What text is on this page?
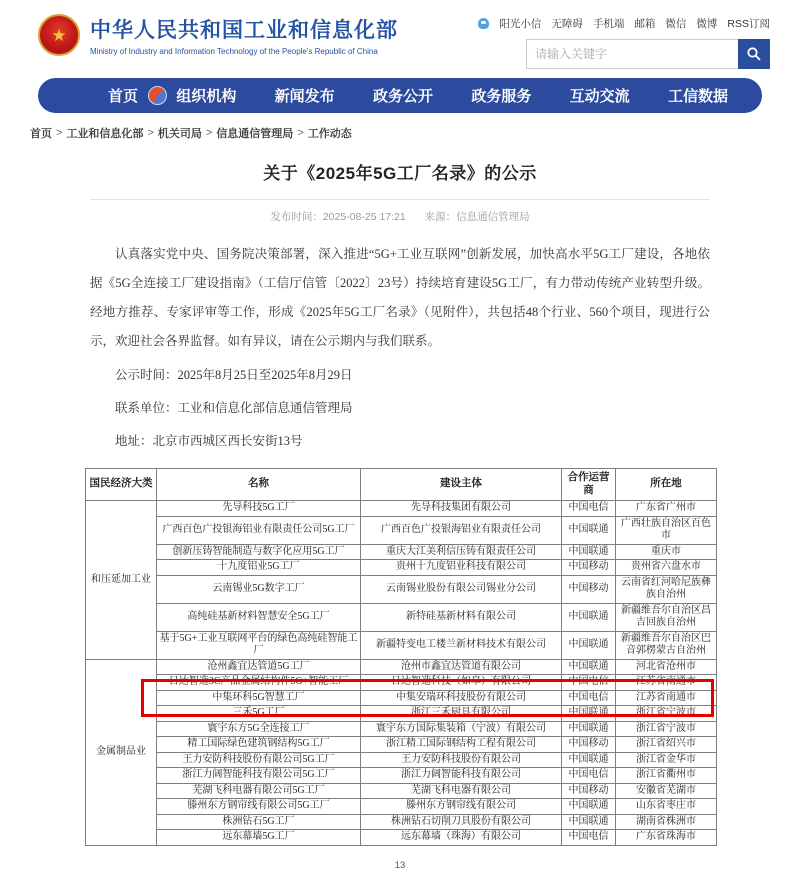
★	中华人民共和国工业和信息化部
Ministry of Industry and Information Technology of the People's Republic of China
阳光小信 无障碍 手机端 邮箱 微信 微博 RSS订阅
请输入关键字
首页	组织机构	新闻发布	政务公开	政务服务	互动交流	工信数据
首页 > 工业和信息化部 > 机关司局 > 信息通信管理局 > 工作动态
关于《2025年5G工厂名录》的公示
发布时间：2025-08-25 17:21 来源：信息通信管理局

认真落实党中央、国务院决策部署，深入推进“5G+工业互联网”创新发展，加快高水平5G工厂建设，各地依据《5G全连接工厂建设指南》（工信厅信管〔2022〕23号）持续培育建设5G工厂，有力带动传统产业转型升级。经地方推荐、专家评审等工作，形成《2025年5G工厂名录》（见附件），共包括48个行业、560个项目，现进行公示，欢迎社会各界监督。如有异议，请在公示期内与我们联系。

公示时间：2025年8月25日至2025年8月29日

联系单位：工业和信息化部信息通信管理局

地址：北京市西城区西长安街13号

国民经济大类	名称	建设主体	合作运营商	所在地
和压延加工业	先导科技5G工厂	先导科技集团有限公司	中国电信	广东省广州市
	广西百色广投银海铝业有限责任公司5G工厂	广西百色广投银海铝业有限责任公司	中国联通	广西壮族自治区百色市
	创新压铸智能制造与数字化应用5G工厂	重庆大江美利信压铸有限责任公司	中国联通	重庆市
	十九度铝业5G工厂	贵州十九度铝业科技有限公司	中国移动	贵州省六盘水市
	云南锡业5G数字工厂	云南锡业股份有限公司锡业分公司	中国移动	云南省红河哈尼族彝族自治州
	高纯硅基新材料智慧安全5G工厂	新特硅基新材料有限公司	中国联通	新疆维吾尔自治区昌吉回族自治州
	基于5G+工业互联网平台的绿色高纯硅智能工厂	新疆特变电工楼兰新材料技术有限公司	中国联通	新疆维吾尔自治区巴音郭楞蒙古自治州
金属制品业	沧州鑫宜达管道5G工厂	沧州市鑫宜达管道有限公司	中国联通	河北省沧州市
	日达智造3C产品金属结构件5G+智能工厂	日达智造科技（如皋）有限公司	中国电信	江苏省南通市
	中集环科5G智慧工厂	中集安瑞环科技股份有限公司	中国电信	江苏省南通市
	三禾5G工厂	浙江三禾厨具有限公司	中国联通	浙江省宁波市
	寰宇东方5G全连接工厂	寰宇东方国际集装箱（宁波）有限公司	中国联通	浙江省宁波市
	精工国际绿色建筑钢结构5G工厂	浙江精工国际钢结构工程有限公司	中国移动	浙江省绍兴市
	王力安防科技股份有限公司5G工厂	王力安防科技股份有限公司	中国联通	浙江省金华市
	浙江力阔智能科技有限公司5G工厂	浙江力阔智能科技有限公司	中国电信	浙江省衢州市
	芜湖飞科电器有限公司5G工厂	芜湖飞科电器有限公司	中国移动	安徽省芜湖市
	滕州东方钢帘线有限公司5G工厂	滕州东方钢帘线有限公司	中国联通	山东省枣庄市
	株洲钻石5G工厂	株洲钻石切削刀具股份有限公司	中国联通	湖南省株洲市
	远东幕墙5G工厂	远东幕墙（珠海）有限公司	中国电信	广东省珠海市
13
